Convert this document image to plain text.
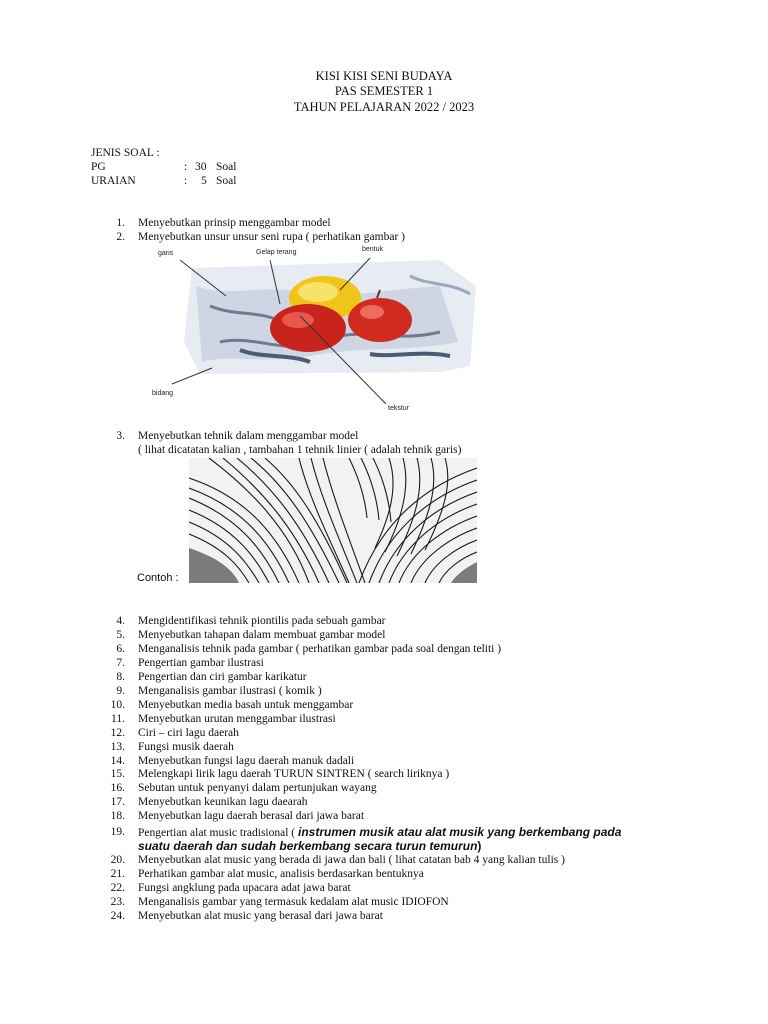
KISI KISI SENI BUDAYA
PAS SEMESTER 1
TAHUN PELAJARAN 2022 / 2023
JENIS SOAL :
PG	: 30 Soal
URAIAN	: 5 Soal
1. Menyebutkan prinsip menggambar model
2. Menyebutkan unsur unsur seni rupa ( perhatikan gambar )
garis	Gelap terang	bentuk
bidang
tekstur
3. Menyebutkan tehnik dalam menggambar model
( lihat dicatatan kalian , tambahan 1 tehnik linier ( adalah tehnik garis)
Contoh :
4. Mengidentifikasi tehnik piontilis pada sebuah gambar
5. Menyebutkan tahapan dalam membuat gambar model
6. Menganalisis tehnik pada gambar ( perhatikan gambar pada soal dengan teliti )
7. Pengertian gambar ilustrasi
8. Pengertian dan ciri gambar karikatur
9. Menganalisis gambar ilustrasi ( komik )
10. Menyebutkan media basah untuk menggambar
11. Menyebutkan urutan menggambar ilustrasi
12. Ciri – ciri lagu daerah
13. Fungsi musik daerah
14. Menyebutkan fungsi lagu daerah manuk dadali
15. Melengkapi lirik lagu daerah TURUN SINTREN ( search liriknya )
16. Sebutan untuk penyanyi dalam pertunjukan wayang
17. Menyebutkan keunikan lagu daearah
18. Menyebutkan lagu daerah berasal dari jawa barat
19. Pengertian alat music tradisional ( instrumen musik atau alat musik yang berkembang pada
suatu daerah dan sudah berkembang secara turun temurun)
20. Menyebutkan alat music yang berada di jawa dan bali ( lihat catatan bab 4 yang kalian tulis )
21. Perhatikan gambar alat music, analisis berdasarkan bentuknya
22. Fungsi angklung pada upacara adat jawa barat
23. Menganalisis gambar yang termasuk kedalam alat music IDIOFON
24. Menyebutkan alat music yang berasal dari jawa barat
